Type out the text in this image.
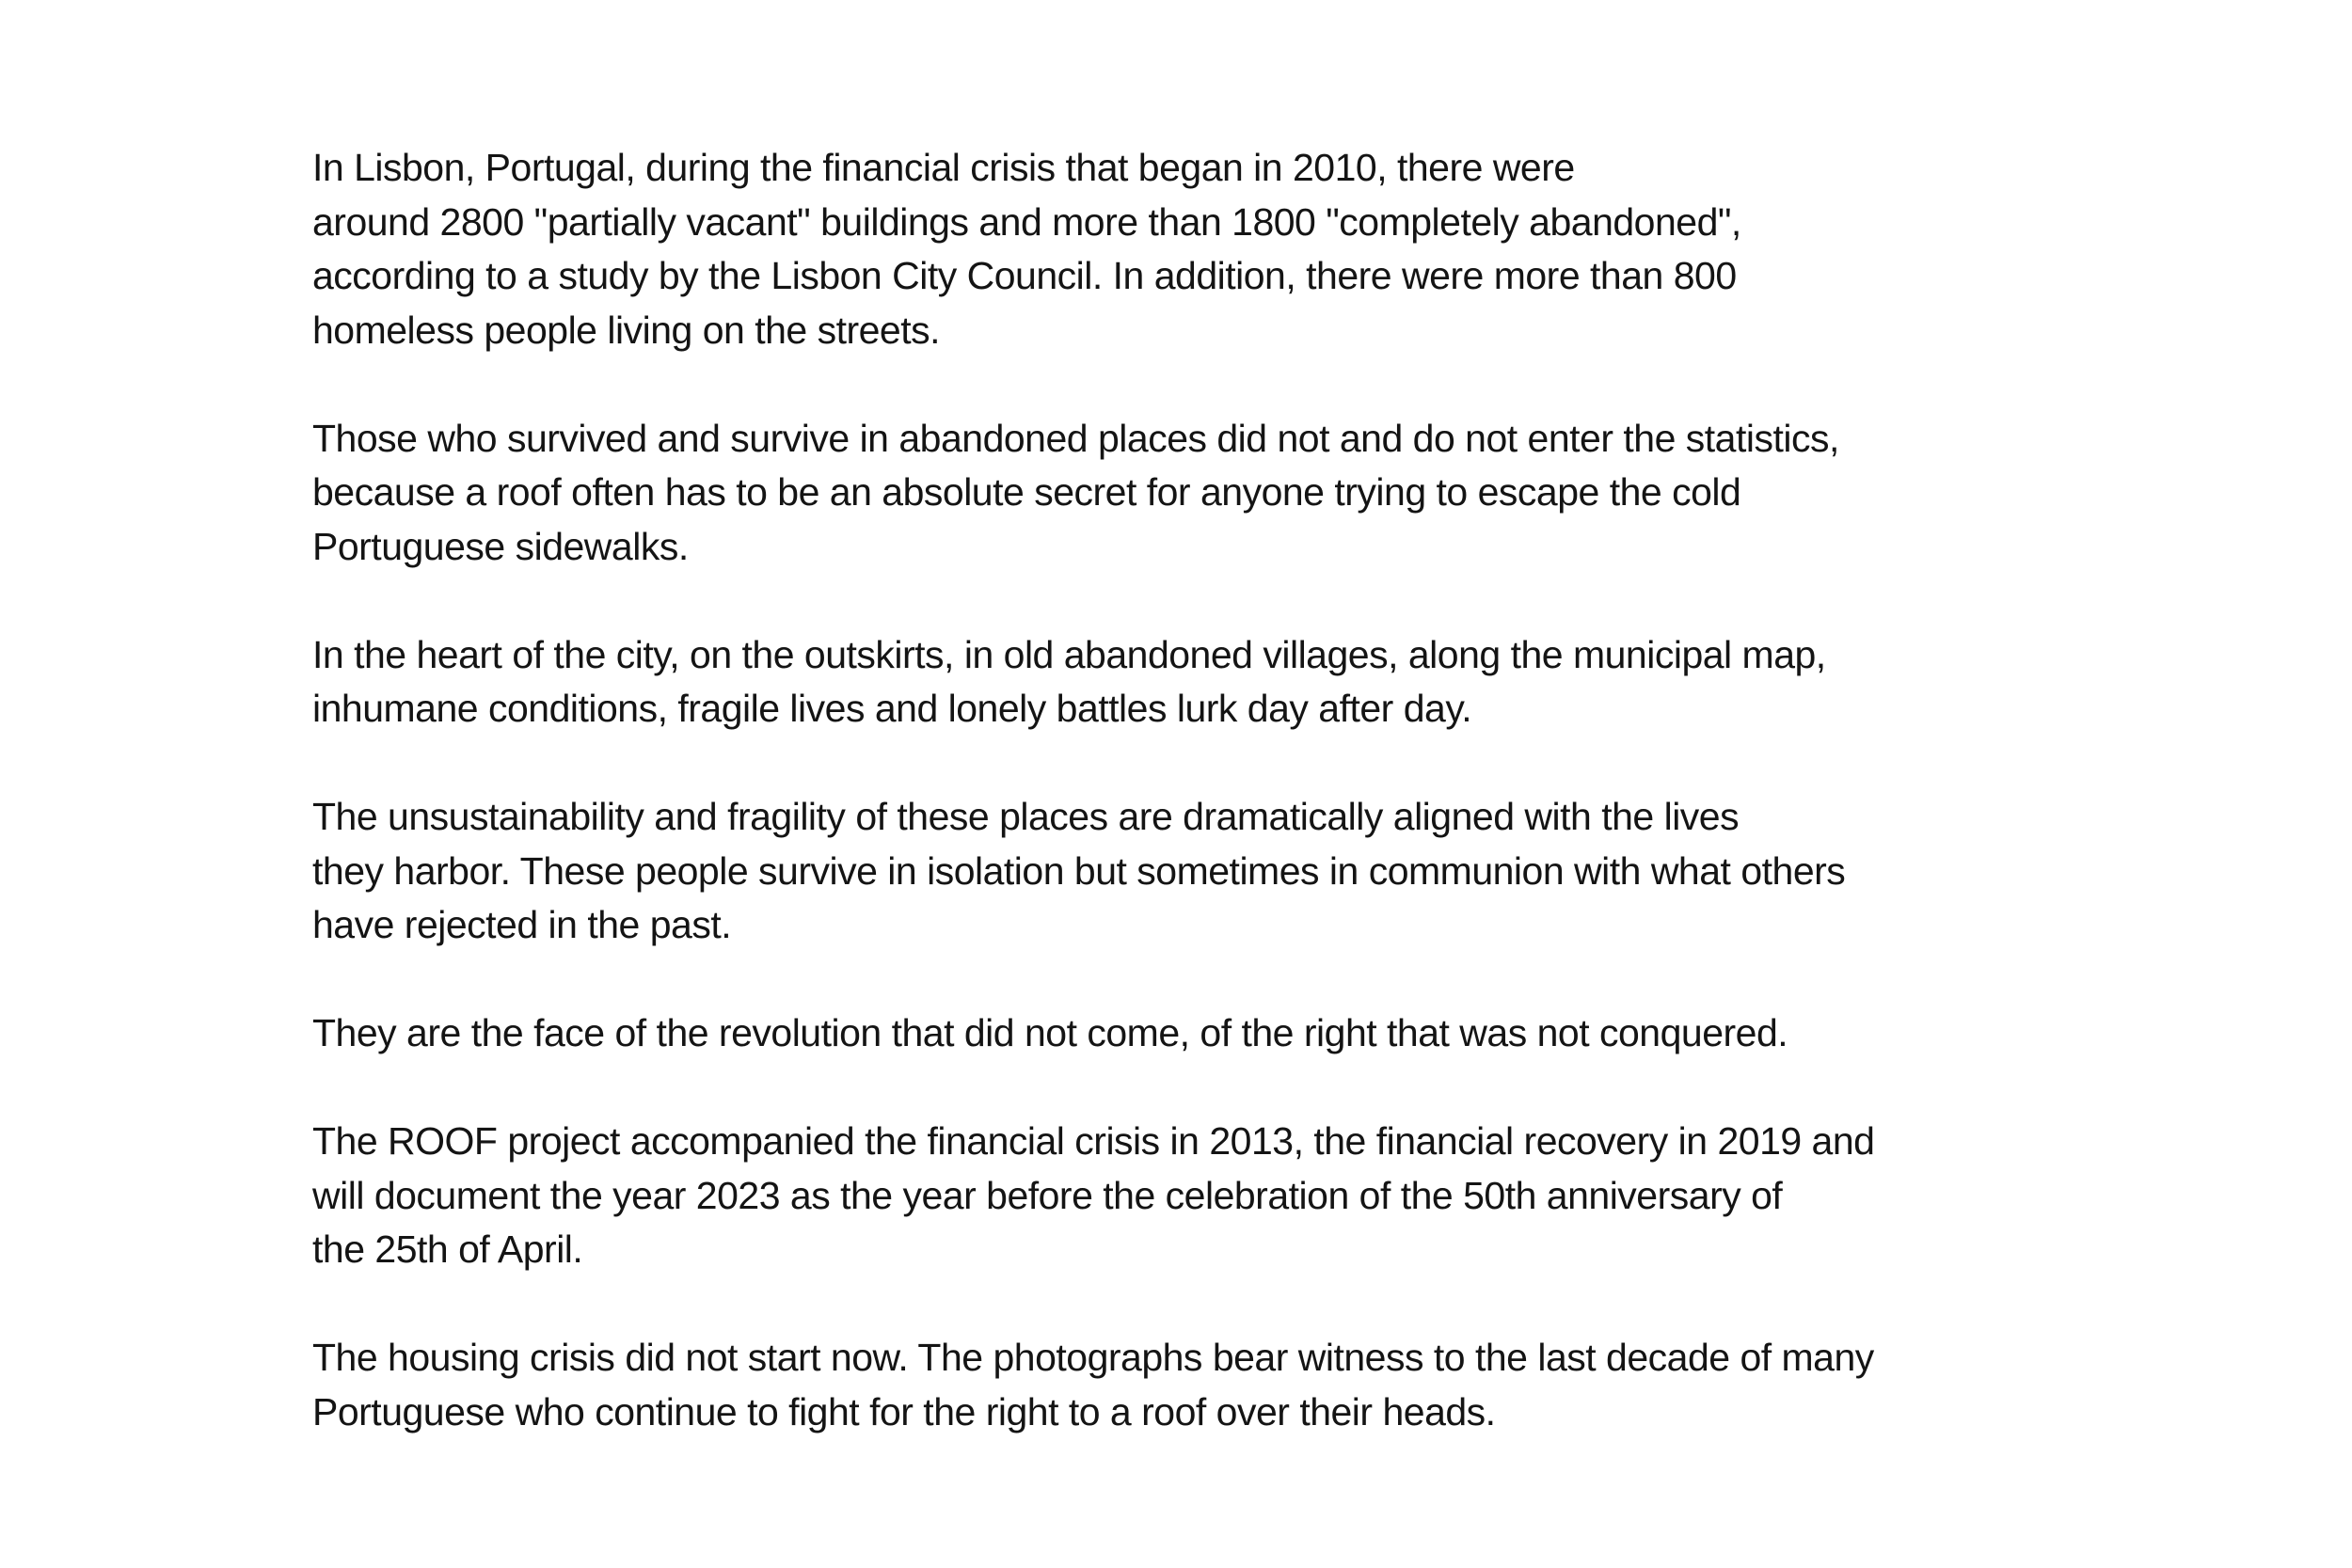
In Lisbon, Portugal, during the financial crisis that began in 2010, there were
around 2800 "partially vacant" buildings and more than 1800 "completely abandoned",
according to a study by the Lisbon City Council. In addition, there were more than 800
homeless people living on the streets.

Those who survived and survive in abandoned places did not and do not enter the statistics,
because a roof often has to be an absolute secret for anyone trying to escape the cold
Portuguese sidewalks.

In the heart of the city, on the outskirts, in old abandoned villages, along the municipal map,
inhumane conditions, fragile lives and lonely battles lurk day after day.

The unsustainability and fragility of these places are dramatically aligned with the lives
they harbor. These people survive in isolation but sometimes in communion with what others
have rejected in the past.

They are the face of the revolution that did not come, of the right that was not conquered.

The ROOF project accompanied the financial crisis in 2013, the financial recovery in 2019 and
will document the year 2023 as the year before the celebration of the 50th anniversary of
the 25th of April.

The housing crisis did not start now. The photographs bear witness to the last decade of many
Portuguese who continue to fight for the right to a roof over their heads.
